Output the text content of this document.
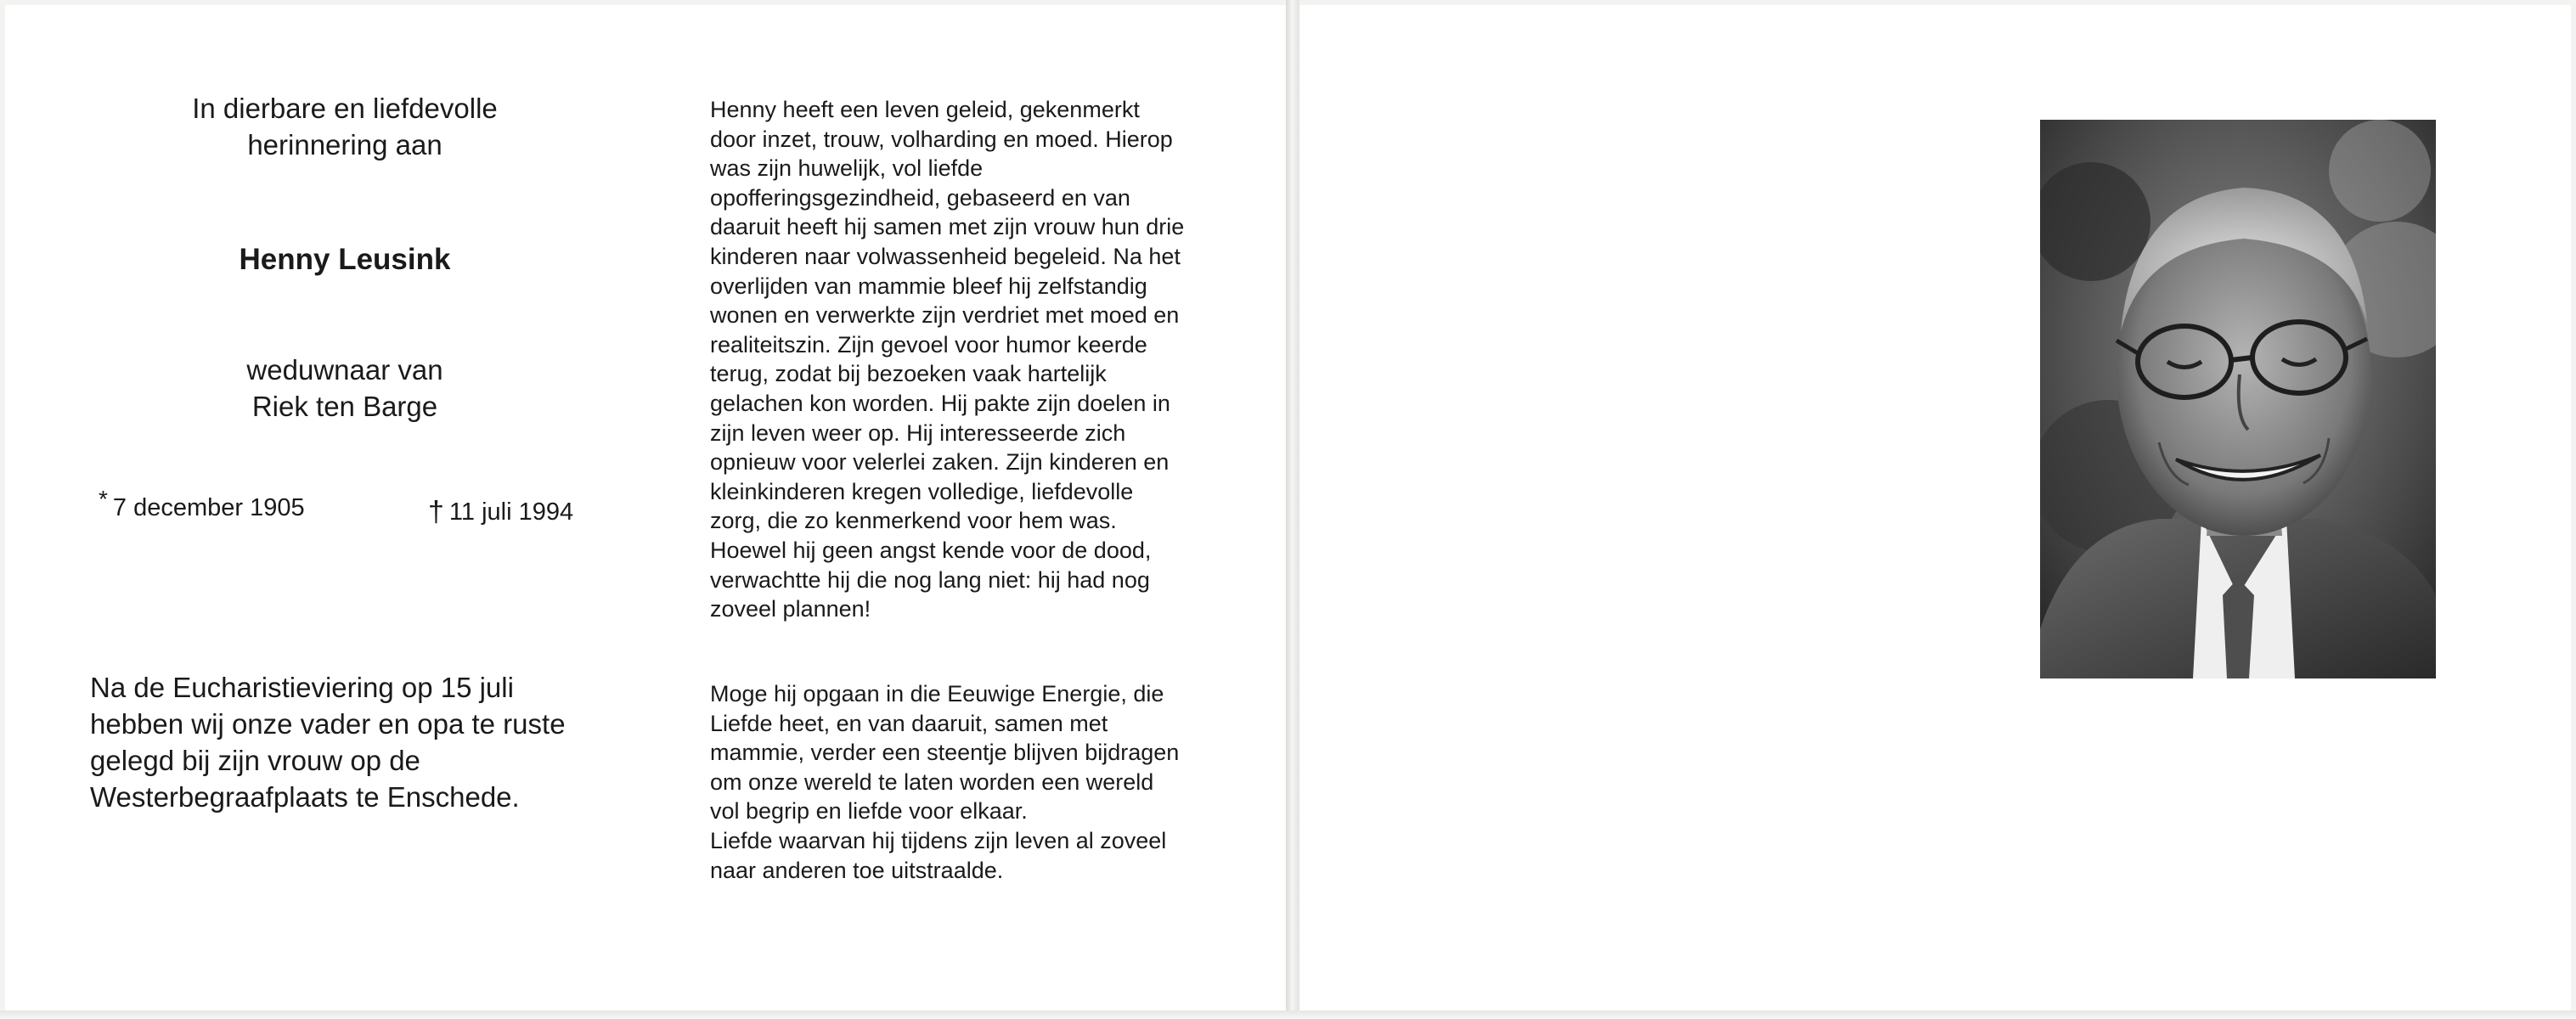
In dierbare en liefdevolle
herinnering aan
Henny Leusink
weduwnaar van
Riek ten Barge
* 7 december 1905	† 11 juli 1994
Na de Eucharistieviering op 15 juli
hebben wij onze vader en opa te ruste
gelegd bij zijn vrouw op de
Westerbegraafplaats te Enschede.
Henny heeft een leven geleid, gekenmerkt
door inzet, trouw, volharding en moed. Hierop
was zijn huwelijk, vol liefde
opofferingsgezindheid, gebaseerd en van
daaruit heeft hij samen met zijn vrouw hun drie
kinderen naar volwassenheid begeleid. Na het
overlijden van mammie bleef hij zelfstandig
wonen en verwerkte zijn verdriet met moed en
realiteitszin. Zijn gevoel voor humor keerde
terug, zodat bij bezoeken vaak hartelijk
gelachen kon worden. Hij pakte zijn doelen in
zijn leven weer op. Hij interesseerde zich
opnieuw voor velerlei zaken. Zijn kinderen en
kleinkinderen kregen volledige, liefdevolle
zorg, die zo kenmerkend voor hem was.
Hoewel hij geen angst kende voor de dood,
verwachtte hij die nog lang niet: hij had nog
zoveel plannen!
Moge hij opgaan in die Eeuwige Energie, die
Liefde heet, en van daaruit, samen met
mammie, verder een steentje blijven bijdragen
om onze wereld te laten worden een wereld
vol begrip en liefde voor elkaar.
Liefde waarvan hij tijdens zijn leven al zoveel
naar anderen toe uitstraalde.
